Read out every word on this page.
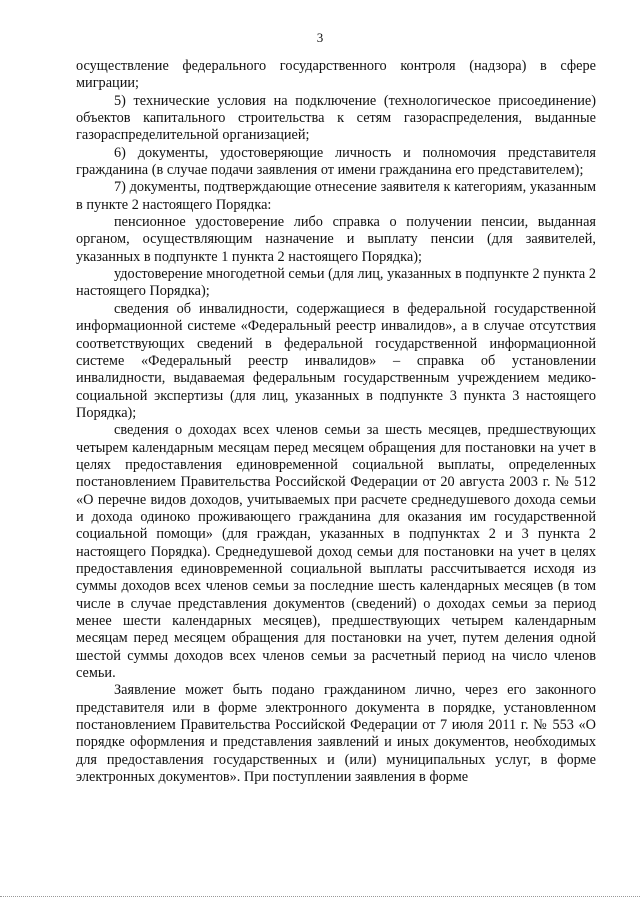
3

осуществление федерального государственного контроля (надзора) в сфере миграции;

5) технические условия на подключение (технологическое присоединение) объектов капитального строительства к сетям газораспределения, выданные газораспределительной организацией;

6) документы, удостоверяющие личность и полномочия представителя гражданина (в случае подачи заявления от имени гражданина его представителем);

7) документы, подтверждающие отнесение заявителя к категориям, указанным в пункте 2 настоящего Порядка:

пенсионное удостоверение либо справка о получении пенсии, выданная органом, осуществляющим назначение и выплату пенсии (для заявителей, указанных в подпункте 1 пункта 2 настоящего Порядка);

удостоверение многодетной семьи (для лиц, указанных в подпункте 2 пункта 2 настоящего Порядка);

сведения об инвалидности, содержащиеся в федеральной государственной информационной системе «Федеральный реестр инвалидов», а в случае отсутствия соответствующих сведений в федеральной государственной информационной системе «Федеральный реестр инвалидов» – справка об установлении инвалидности, выдаваемая федеральным государственным учреждением медико-социальной экспертизы (для лиц, указанных в подпункте 3 пункта 3 настоящего Порядка);

сведения о доходах всех членов семьи за шесть месяцев, предшествующих четырем календарным месяцам перед месяцем обращения для постановки на учет в целях предоставления единовременной социальной выплаты, определенных постановлением Правительства Российской Федерации от 20 августа 2003 г. № 512 «О перечне видов доходов, учитываемых при расчете среднедушевого дохода семьи и дохода одиноко проживающего гражданина для оказания им государственной социальной помощи» (для граждан, указанных в подпунктах 2 и 3 пункта 2 настоящего Порядка). Среднедушевой доход семьи для постановки на учет в целях предоставления единовременной социальной выплаты рассчитывается исходя из суммы доходов всех членов семьи за последние шесть календарных месяцев (в том числе в случае представления документов (сведений) о доходах семьи за период менее шести календарных месяцев), предшествующих четырем календарным месяцам перед месяцем обращения для постановки на учет, путем деления одной шестой суммы доходов всех членов семьи за расчетный период на число членов семьи.

Заявление может быть подано гражданином лично, через его законного представителя или в форме электронного документа в порядке, установленном постановлением Правительства Российской Федерации от 7 июля 2011 г. № 553 «О порядке оформления и представления заявлений и иных документов, необходимых для предоставления государственных и (или) муниципальных услуг, в форме электронных документов». При поступлении заявления в форме
